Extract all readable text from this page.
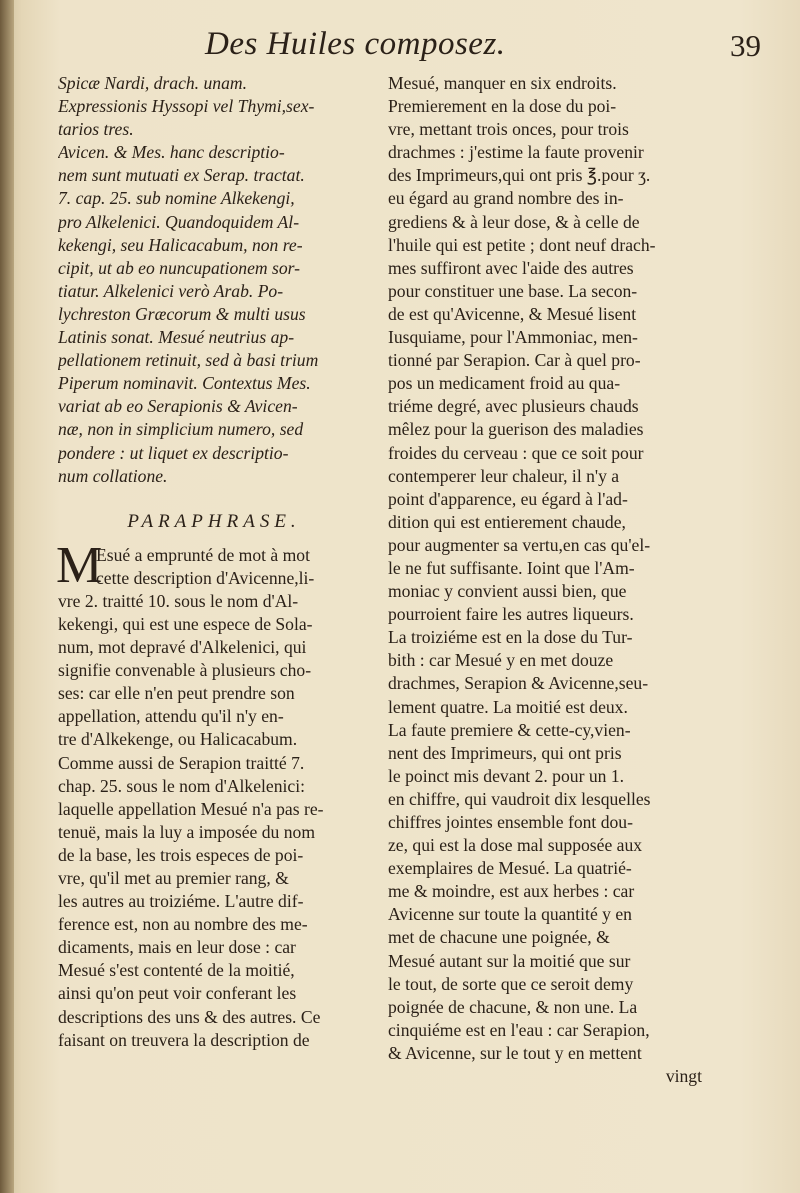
Des Huiles composez.	39
Spicæ Nardi, drach. unam.
Expressionis Hyssopi vel Thymi,sex-
tarios tres.
Avicen. & Mes. hanc descriptio-
nem sunt mutuati ex Serap. tractat.
7. cap. 25. sub nomine Alkekengi,
pro Alkelenici. Quandoquidem Al-
kekengi, seu Halicacabum, non re-
cipit, ut ab eo nuncupationem sor-
tiatur. Alkelenici verò Arab. Po-
lychreston Græcorum & multi usus
Latinis sonat. Mesué neutrius ap-
pellationem retinuit, sed à basi trium
Piperum nominavit. Contextus Mes.
variat ab eo Serapionis & Avicen-
næ, non in simplicium numero, sed
pondere : ut liquet ex descriptio-
num collatione.
PARAPHRASE.
M
Esué a emprunté de mot à mot
cette description d'Avicenne,li-
vre 2. traitté 10. sous le nom d'Al-
kekengi, qui est une espece de Sola-
num, mot depravé d'Alkelenici, qui
signifie convenable à plusieurs cho-
ses: car elle n'en peut prendre son
appellation, attendu qu'il n'y en-
tre d'Alkekenge, ou Halicacabum.
Comme aussi de Serapion traitté 7.
chap. 25. sous le nom d'Alkelenici:
laquelle appellation Mesué n'a pas re-
tenuë, mais la luy a imposée du nom
de la base, les trois especes de poi-
vre, qu'il met au premier rang, &
les autres au troiziéme. L'autre dif-
ference est, non au nombre des me-
dicaments, mais en leur dose : car
Mesué s'est contenté de la moitié,
ainsi qu'on peut voir conferant les
descriptions des uns & des autres. Ce
faisant on treuvera la description de
Mesué, manquer en six endroits.
Premierement en la dose du poi-
vre, mettant trois onces, pour trois
drachmes : j'estime la faute provenir
des Imprimeurs,qui ont pris ℥.pour ʒ.
eu égard au grand nombre des in-
grediens & à leur dose, & à celle de
l'huile qui est petite ; dont neuf drach-
mes suffiront avec l'aide des autres
pour constituer une base. La secon-
de est qu'Avicenne, & Mesué lisent
Iusquiame, pour l'Ammoniac, men-
tionné par Serapion. Car à quel pro-
pos un medicament froid au qua-
triéme degré, avec plusieurs chauds
mêlez pour la guerison des maladies
froides du cerveau : que ce soit pour
contemperer leur chaleur, il n'y a
point d'apparence, eu égard à l'ad-
dition qui est entierement chaude,
pour augmenter sa vertu,en cas qu'el-
le ne fut suffisante. Ioint que l'Am-
moniac y convient aussi bien, que
pourroient faire les autres liqueurs.
La troiziéme est en la dose du Tur-
bith : car Mesué y en met douze
drachmes, Serapion & Avicenne,seu-
lement quatre. La moitié est deux.
La faute premiere & cette-cy,vien-
nent des Imprimeurs, qui ont pris
le poinct mis devant 2. pour un 1.
en chiffre, qui vaudroit dix lesquelles
chiffres jointes ensemble font dou-
ze, qui est la dose mal supposée aux
exemplaires de Mesué. La quatrié-
me & moindre, est aux herbes : car
Avicenne sur toute la quantité y en
met de chacune une poignée, &
Mesué autant sur la moitié que sur
le tout, de sorte que ce seroit demy
poignée de chacune, & non une. La
cinquiéme est en l'eau : car Serapion,
& Avicenne, sur le tout y en mettent
vingt
